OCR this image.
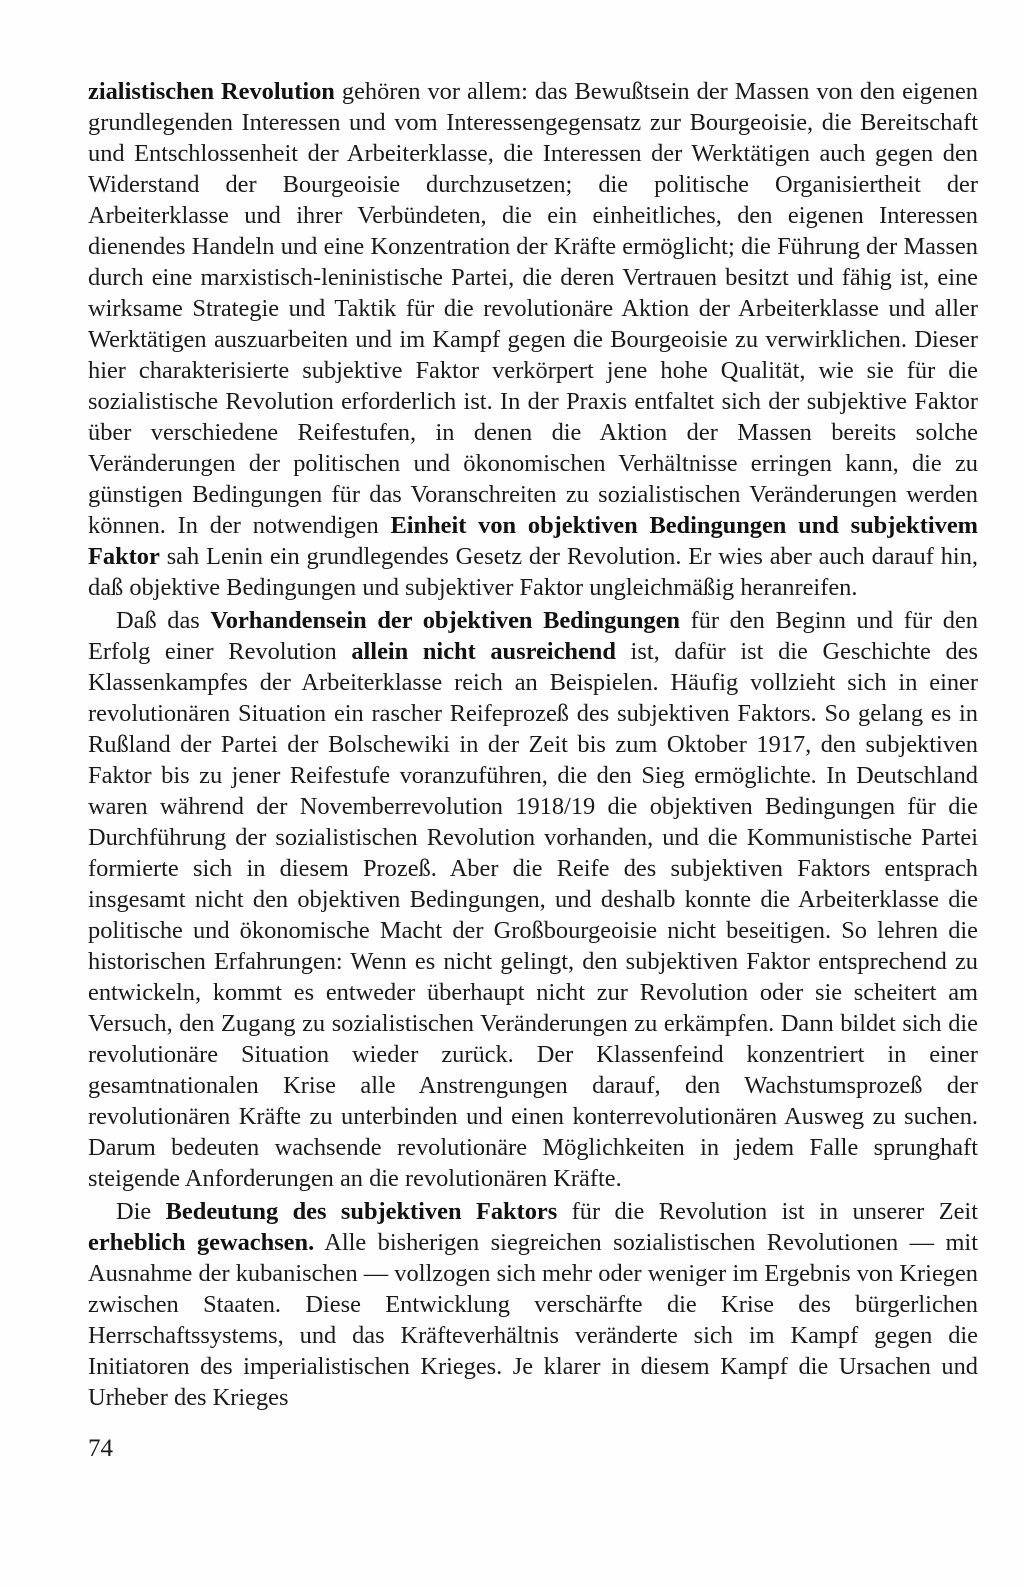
zialistischen Revolution gehören vor allem: das Bewußtsein der Massen von den eigenen grundlegenden Interessen und vom Interessengegensatz zur Bourgeoisie, die Bereitschaft und Entschlossenheit der Arbeiterklasse, die Interessen der Werktätigen auch gegen den Widerstand der Bourgeoisie durchzusetzen; die politische Organisiertheit der Arbeiterklasse und ihrer Verbündeten, die ein einheitliches, den eigenen Interessen dienendes Handeln und eine Konzentration der Kräfte ermöglicht; die Führung der Massen durch eine marxistisch-leninistische Partei, die deren Vertrauen besitzt und fähig ist, eine wirksame Strategie und Taktik für die revolutionäre Aktion der Arbeiterklasse und aller Werktätigen auszuarbeiten und im Kampf gegen die Bourgeoisie zu verwirklichen. Dieser hier charakterisierte subjektive Faktor verkörpert jene hohe Qualität, wie sie für die sozialistische Revolution erforderlich ist. In der Praxis entfaltet sich der subjektive Faktor über verschiedene Reifestufen, in denen die Aktion der Massen bereits solche Veränderungen der politischen und ökonomischen Verhältnisse erringen kann, die zu günstigen Bedingungen für das Voranschreiten zu sozialistischen Veränderungen werden können. In der notwendigen Einheit von objektiven Bedingungen und subjektivem Faktor sah Lenin ein grundlegendes Gesetz der Revolution. Er wies aber auch darauf hin, daß objektive Bedingungen und subjektiver Faktor ungleichmäßig heranreifen.

Daß das Vorhandensein der objektiven Bedingungen für den Beginn und für den Erfolg einer Revolution allein nicht ausreichend ist, dafür ist die Geschichte des Klassenkampfes der Arbeiterklasse reich an Beispielen. Häufig vollzieht sich in einer revolutionären Situation ein rascher Reifeprozeß des subjektiven Faktors. So gelang es in Rußland der Partei der Bolschewiki in der Zeit bis zum Oktober 1917, den subjektiven Faktor bis zu jener Reifestufe voranzuführen, die den Sieg ermöglichte. In Deutschland waren während der Novemberrevolution 1918/19 die objektiven Bedingungen für die Durchführung der sozialistischen Revolution vorhanden, und die Kommunistische Partei formierte sich in diesem Prozeß. Aber die Reife des subjektiven Faktors entsprach insgesamt nicht den objektiven Bedingungen, und deshalb konnte die Arbeiterklasse die politische und ökonomische Macht der Großbourgeoisie nicht beseitigen. So lehren die historischen Erfahrungen: Wenn es nicht gelingt, den subjektiven Faktor entsprechend zu entwickeln, kommt es entweder überhaupt nicht zur Revolution oder sie scheitert am Versuch, den Zugang zu sozialistischen Veränderungen zu erkämpfen. Dann bildet sich die revolutionäre Situation wieder zurück. Der Klassenfeind konzentriert in einer gesamtnationalen Krise alle Anstrengungen darauf, den Wachstumsprozeß der revolutionären Kräfte zu unterbinden und einen konterrevolutionären Ausweg zu suchen. Darum bedeuten wachsende revolutionäre Möglichkeiten in jedem Falle sprunghaft steigende Anforderungen an die revolutionären Kräfte.

Die Bedeutung des subjektiven Faktors für die Revolution ist in unserer Zeit erheblich gewachsen. Alle bisherigen siegreichen sozialistischen Revolutionen — mit Ausnahme der kubanischen — vollzogen sich mehr oder weniger im Ergebnis von Kriegen zwischen Staaten. Diese Entwicklung verschärfte die Krise des bürgerlichen Herrschaftssystems, und das Kräfteverhältnis veränderte sich im Kampf gegen die Initiatoren des imperialistischen Krieges. Je klarer in diesem Kampf die Ursachen und Urheber des Krieges

74
